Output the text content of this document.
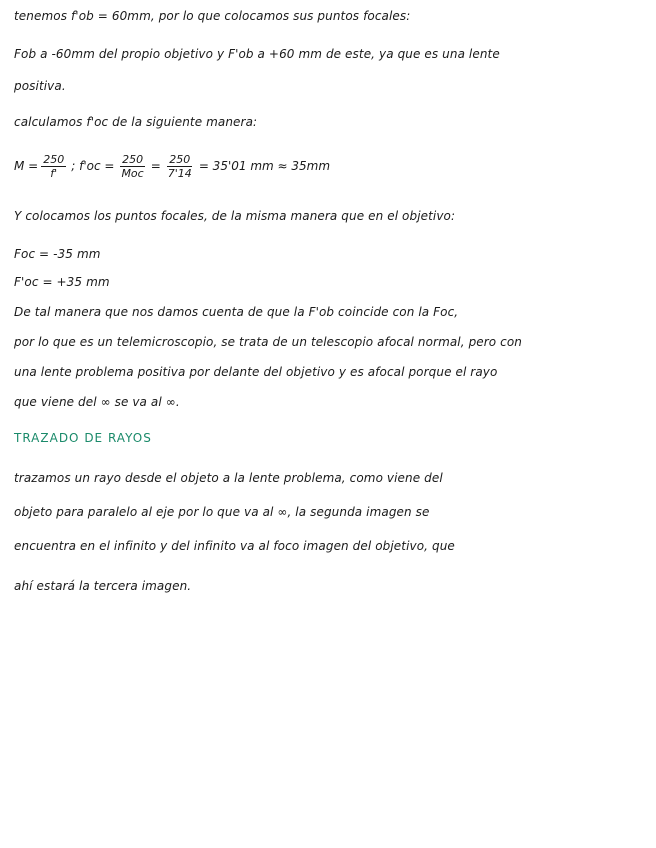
tenemos f'ob = 60mm, por lo que colocamos sus puntos focales:
Fob a -60mm del propio objetivo y F'ob a +60 mm de este, ya que es una lente
positiva.
calculamos f'oc de la siguiente manera:
$M = \frac{250}{f'}$ ; $f'oc = \frac{250}{\text{Moc}} = \frac{250}{7'14} = 35'01$ mm ≈ 35mm
Y colocamos los puntos focales, de la misma manera que en el objetivo:
Foc = -35 mm
F'oc = +35 mm
De tal manera que nos damos cuenta de que la F'ob coincide con la Foc,
por lo que es un telemicroscopio, se trata de un telescopio afocal normal, pero con
una lente problema positiva por delante del objetivo y es afocal porque el rayo
que viene del ∞ se va al ∞.
TRAZADO DE RAYOS
trazamos un rayo desde el objeto a la lente problema, como viene del
objeto para paralelo al eje por lo que va al ∞, la segunda imagen se
encuentra en el infinito y del infinito va al foco imagen del objetivo, que
ahí estará la tercera imagen.
